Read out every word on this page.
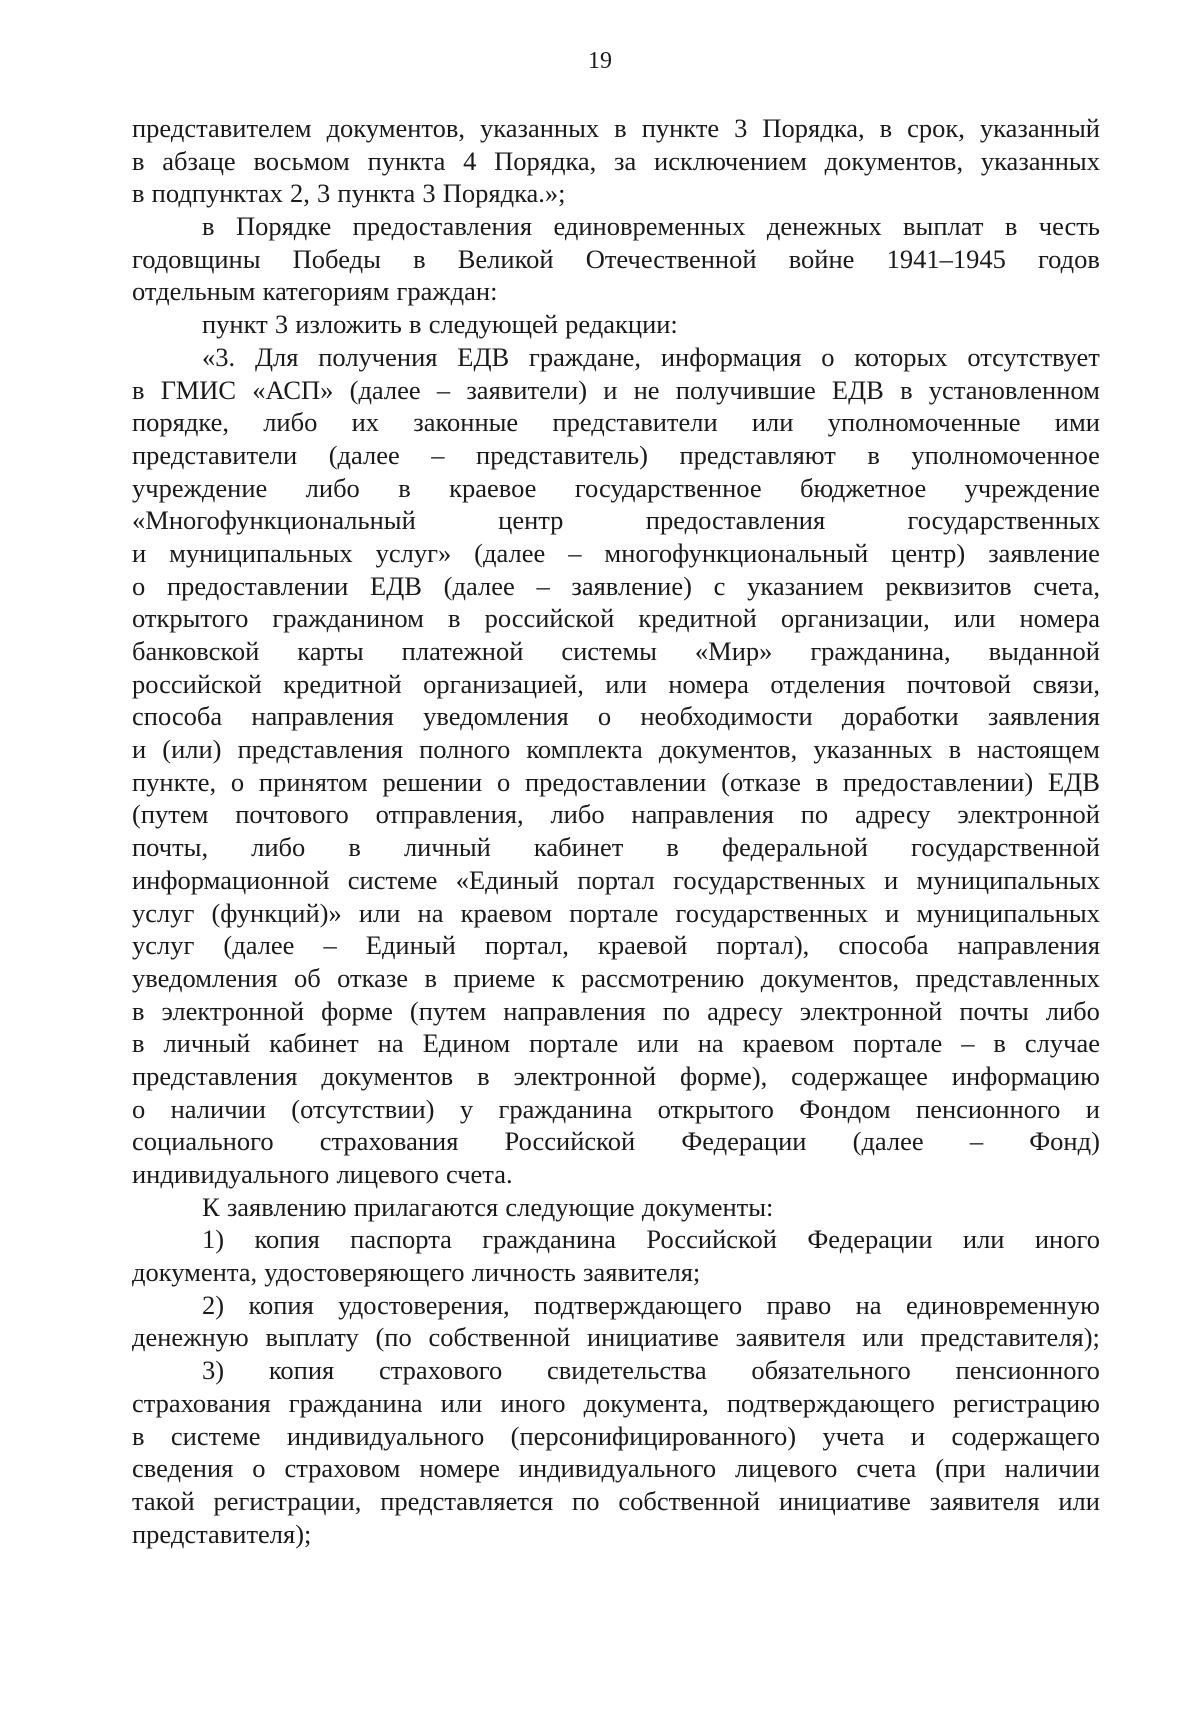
19
представителем документов, указанных в пункте 3 Порядка, в срок, указанный
в абзаце восьмом пункта 4 Порядка, за исключением документов, указанных
в подпунктах 2, 3 пункта 3 Порядка.»;
в Порядке предоставления единовременных денежных выплат в честь
годовщины Победы в Великой Отечественной войне 1941–1945 годов
отдельным категориям граждан:
пункт 3 изложить в следующей редакции:
«3. Для получения ЕДВ граждане, информация о которых отсутствует
в ГМИС «АСП» (далее – заявители) и не получившие ЕДВ в установленном
порядке, либо их законные представители или уполномоченные ими
представители (далее – представитель) представляют в уполномоченное
учреждение либо в краевое государственное бюджетное учреждение
«Многофункциональный	центр	предоставления	государственных
и муниципальных услуг» (далее – многофункциональный центр) заявление
о предоставлении ЕДВ (далее – заявление) с указанием реквизитов счета,
открытого гражданином в российской кредитной организации, или номера
банковской карты платежной системы «Мир» гражданина, выданной
российской кредитной организацией, или номера отделения почтовой связи,
способа направления уведомления о необходимости доработки заявления
и (или) представления полного комплекта документов, указанных в настоящем
пункте, о принятом решении о предоставлении (отказе в предоставлении) ЕДВ
(путем почтового отправления, либо направления по адресу электронной
почты, либо в личный кабинет в федеральной государственной
информационной системе «Единый портал государственных и муниципальных
услуг (функций)» или на краевом портале государственных и муниципальных
услуг (далее – Единый портал, краевой портал), способа направления
уведомления об отказе в приеме к рассмотрению документов, представленных
в электронной форме (путем направления по адресу электронной почты либо
в личный кабинет на Едином портале или на краевом портале – в случае
представления документов в электронной форме), содержащее информацию
о наличии (отсутствии) у гражданина открытого Фондом пенсионного и
социального страхования Российской Федерации (далее – Фонд)
индивидуального лицевого счета.
К заявлению прилагаются следующие документы:
1) копия паспорта гражданина Российской Федерации или иного
документа, удостоверяющего личность заявителя;
2) копия удостоверения, подтверждающего право на единовременную
денежную выплату (по собственной инициативе заявителя или представителя);
3) копия страхового свидетельства обязательного пенсионного
страхования гражданина или иного документа, подтверждающего регистрацию
в системе индивидуального (персонифицированного) учета и содержащего
сведения о страховом номере индивидуального лицевого счета (при наличии
такой регистрации, представляется по собственной инициативе заявителя или
представителя);
